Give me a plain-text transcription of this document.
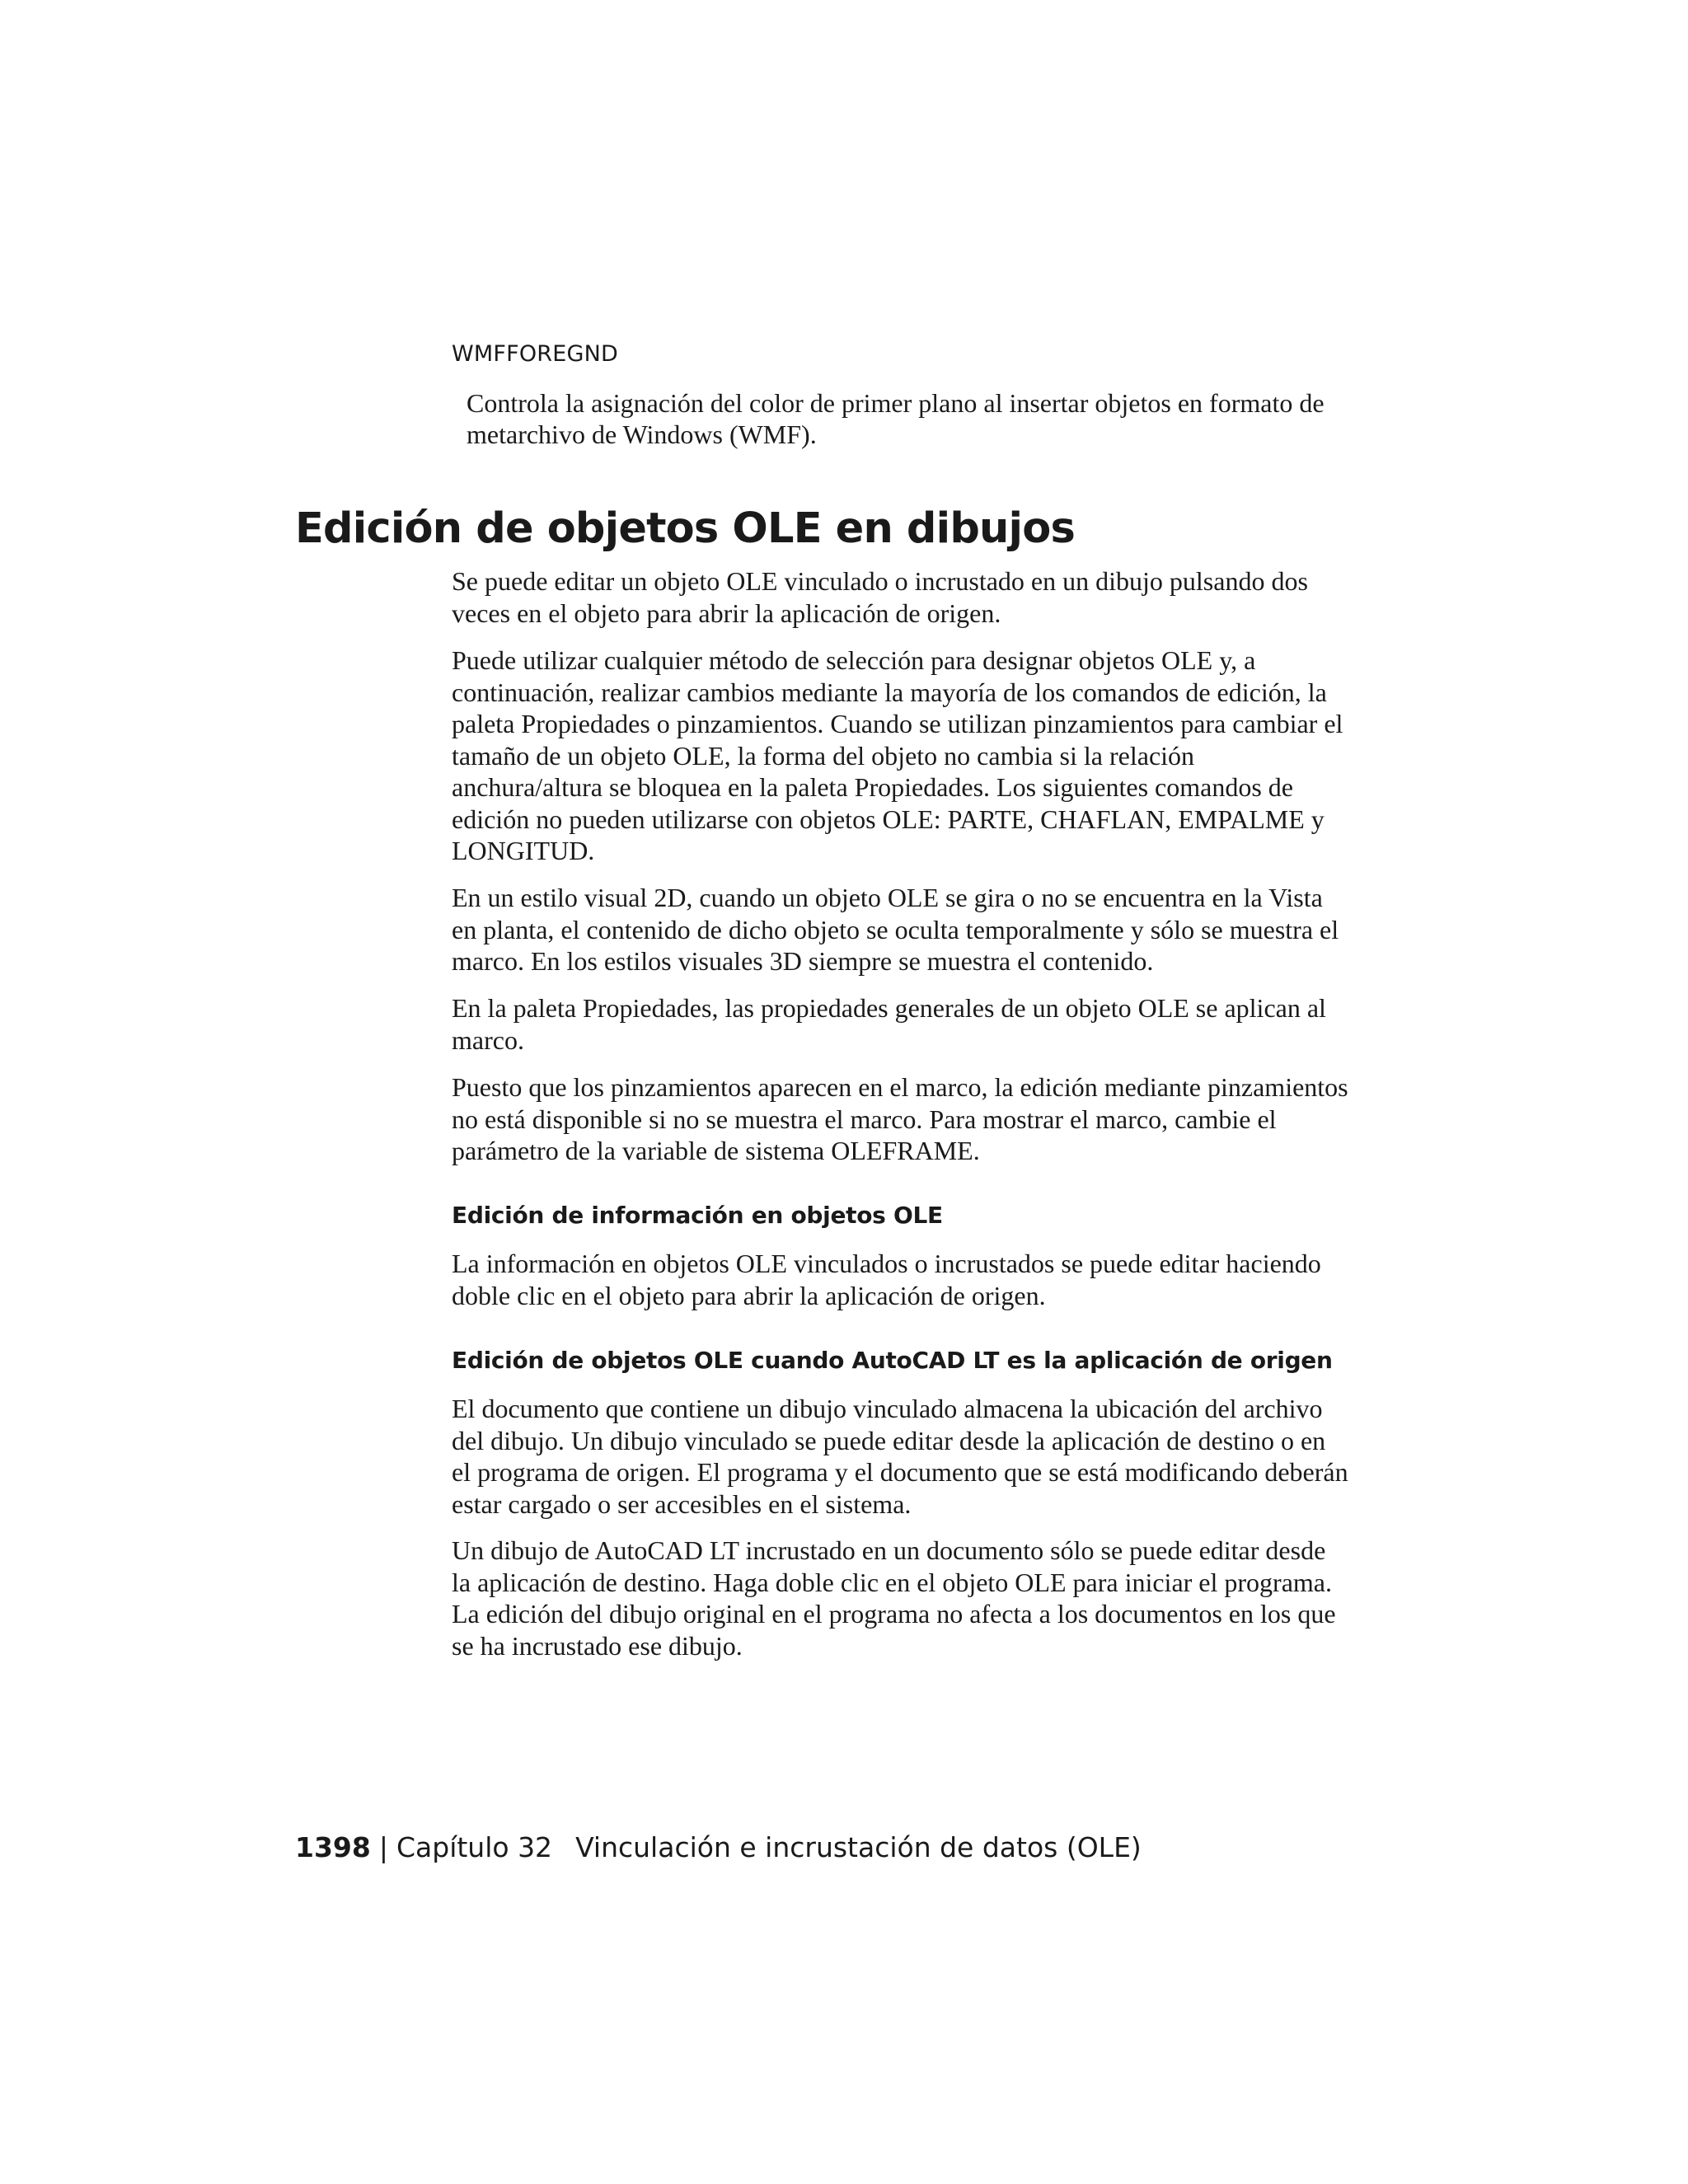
WMFFOREGND
Controla la asignación del color de primer plano al insertar objetos en formato de metarchivo de Windows (WMF).
Edición de objetos OLE en dibujos

Se puede editar un objeto OLE vinculado o incrustado en un dibujo pulsando dos veces en el objeto para abrir la aplicación de origen.

Puede utilizar cualquier método de selección para designar objetos OLE y, a continuación, realizar cambios mediante la mayoría de los comandos de edición, la paleta Propiedades o pinzamientos. Cuando se utilizan pinzamientos para cambiar el tamaño de un objeto OLE, la forma del objeto no cambia si la relación anchura/altura se bloquea en la paleta Propiedades. Los siguientes comandos de edición no pueden utilizarse con objetos OLE: PARTE, CHAFLAN, EMPALME y LONGITUD.

En un estilo visual 2D, cuando un objeto OLE se gira o no se encuentra en la Vista en planta, el contenido de dicho objeto se oculta temporalmente y sólo se muestra el marco. En los estilos visuales 3D siempre se muestra el contenido.

En la paleta Propiedades, las propiedades generales de un objeto OLE se aplican al marco.

Puesto que los pinzamientos aparecen en el marco, la edición mediante pinzamientos no está disponible si no se muestra el marco. Para mostrar el marco, cambie el parámetro de la variable de sistema OLEFRAME.

Edición de información en objetos OLE

La información en objetos OLE vinculados o incrustados se puede editar haciendo doble clic en el objeto para abrir la aplicación de origen.

Edición de objetos OLE cuando AutoCAD LT es la aplicación de origen

El documento que contiene un dibujo vinculado almacena la ubicación del archivo del dibujo. Un dibujo vinculado se puede editar desde la aplicación de destino o en el programa de origen. El programa y el documento que se está modificando deberán estar cargado o ser accesibles en el sistema.

Un dibujo de AutoCAD LT incrustado en un documento sólo se puede editar desde la aplicación de destino. Haga doble clic en el objeto OLE para iniciar el programa. La edición del dibujo original en el programa no afecta a los documentos en los que se ha incrustado ese dibujo.

1398 | Capítulo 32 Vinculación e incrustación de datos (OLE)
